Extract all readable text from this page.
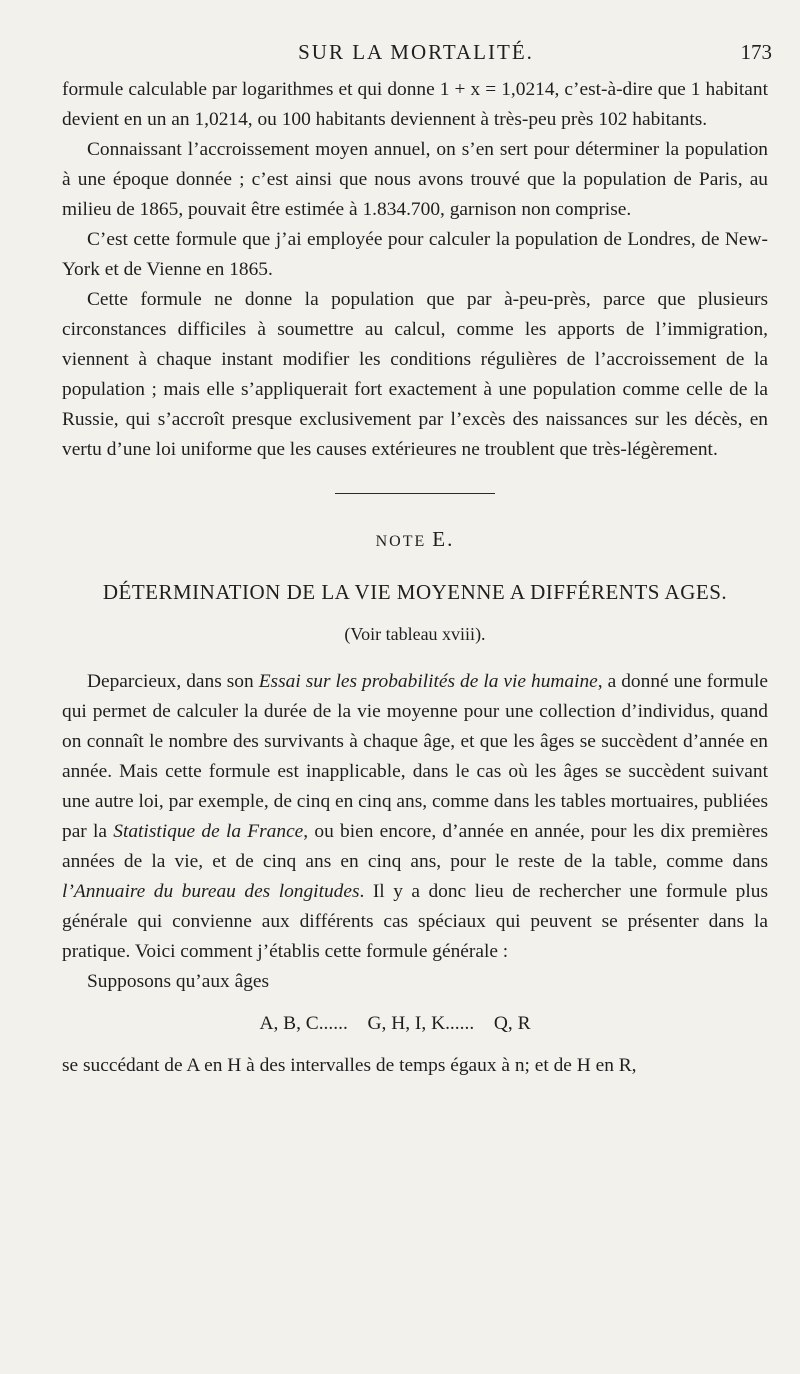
SUR LA MORTALITÉ.	173

formule calculable par logarithmes et qui donne 1 + x = 1,0214, c’est-à-dire que 1 habitant devient en un an 1,0214, ou 100 habitants deviennent à très-peu près 102 habitants.

Connaissant l’accroissement moyen annuel, on s’en sert pour déterminer la population à une époque donnée ; c’est ainsi que nous avons trouvé que la population de Paris, au milieu de 1865, pouvait être estimée à 1.834.700, garnison non comprise.

C’est cette formule que j’ai employée pour calculer la population de Londres, de New-York et de Vienne en 1865.

Cette formule ne donne la population que par à-peu-près, parce que plusieurs circonstances difficiles à soumettre au calcul, comme les apports de l’immigration, viennent à chaque instant modifier les conditions régulières de l’accroissement de la population ; mais elle s’appliquerait fort exactement à une population comme celle de la Russie, qui s’accroît presque exclusivement par l’excès des naissances sur les décès, en vertu d’une loi uniforme que les causes extérieures ne troublent que très-légèrement.

NOTE E.
DÉTERMINATION DE LA VIE MOYENNE A DIFFÉRENTS AGES.
(Voir tableau xviii).

Deparcieux, dans son Essai sur les probabilités de la vie humaine, a donné une formule qui permet de calculer la durée de la vie moyenne pour une collection d’individus, quand on connaît le nombre des survivants à chaque âge, et que les âges se succèdent d’année en année. Mais cette formule est inapplicable, dans le cas où les âges se succèdent suivant une autre loi, par exemple, de cinq en cinq ans, comme dans les tables mortuaires, publiées par la Statistique de la France, ou bien encore, d’année en année, pour les dix premières années de la vie, et de cinq ans en cinq ans, pour le reste de la table, comme dans l’Annuaire du bureau des longitudes. Il y a donc lieu de rechercher une formule plus générale qui convienne aux différents cas spéciaux qui peuvent se présenter dans la pratique. Voici comment j’établis cette formule générale :

Supposons qu’aux âges

A, B, C...... G, H, I, K...... Q, R

se succédant de A en H à des intervalles de temps égaux à n; et de H en R,
